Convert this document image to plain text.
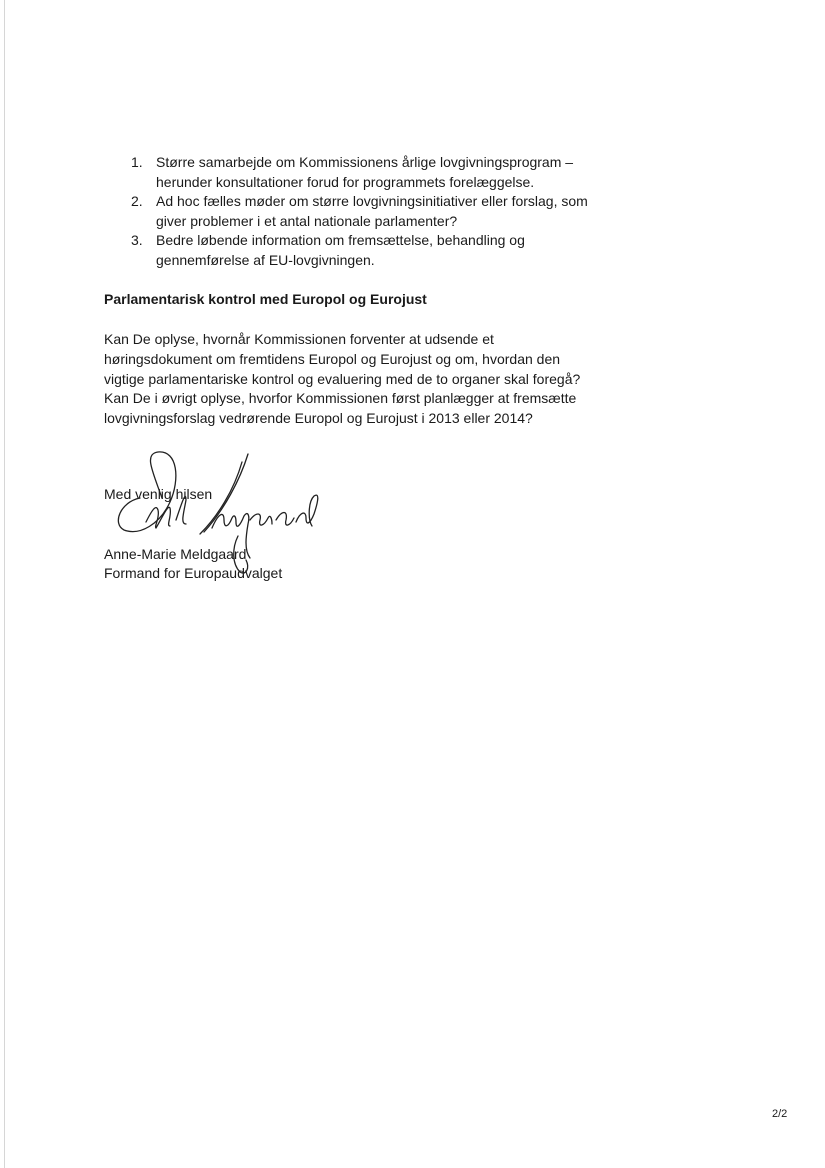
1. Større samarbejde om Kommissionens årlige lovgivningsprogram – herunder konsultationer forud for programmets forelæggelse.
2. Ad hoc fælles møder om større lovgivningsinitiativer eller forslag, som giver problemer i et antal nationale parlamenter?
3. Bedre løbende information om fremsættelse, behandling og gennemførelse af EU-lovgivningen.
Parlamentarisk kontrol med Europol og Eurojust

Kan De oplyse, hvornår Kommissionen forventer at udsende et høringsdokument om fremtidens Europol og Eurojust og om, hvordan den vigtige parlamentariske kontrol og evaluering med de to organer skal foregå? Kan De i øvrigt oplyse, hvorfor Kommissionen først planlægger at fremsætte lovgivningsforslag vedrørende Europol og Eurojust i 2013 eller 2014?

Med venlig hilsen

Anne-Marie Meldgaard

Formand for Europaudvalget

2/2
